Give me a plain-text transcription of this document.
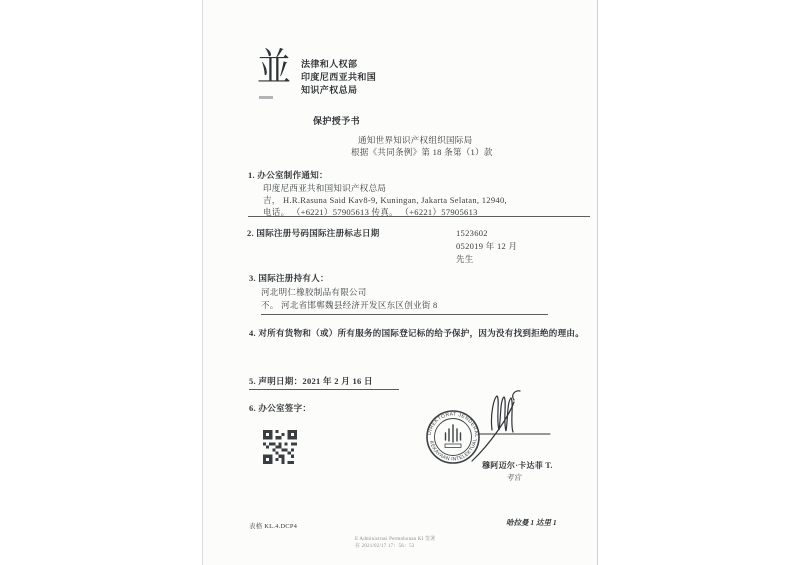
並 法律和人权部
印度尼西亚共和国
知识产权总局
保护授予书
通知世界知识产权组织国际局
根据《共同条例》第 18 条第（1）款
1. 办公室制作通知：
印度尼西亚共和国知识产权总局
吉， H.R.Rasuna Said Kav8-9, Kuningan, Jakarta Selatan, 12940,
电话。 （+6221）57905613 传真。 （+6221）57905613
2. 国际注册号码国际注册标志日期	1523602
052019 年 12 月
先生
3. 国际注册持有人：
河北明仁橡胶制品有限公司
不。 河北省邯郸魏县经济开发区东区创业街 8
4. 对所有货物和（或）所有服务的国际登记标的给予保护，因为没有找到拒绝的理由。
5. 声明日期：2021 年 2 月 16 日
6. 办公室签字：
DIREKTORAT JENDERAL
KEKAYAAN INTELEKTUAL
穆阿迈尔·卡达菲 T.
考官
表格 KL.4.DCP4	哈拉曼 1 达里 1
E Administrasi Permohonan KI 签署
在 2021/02/17 17：56：53
